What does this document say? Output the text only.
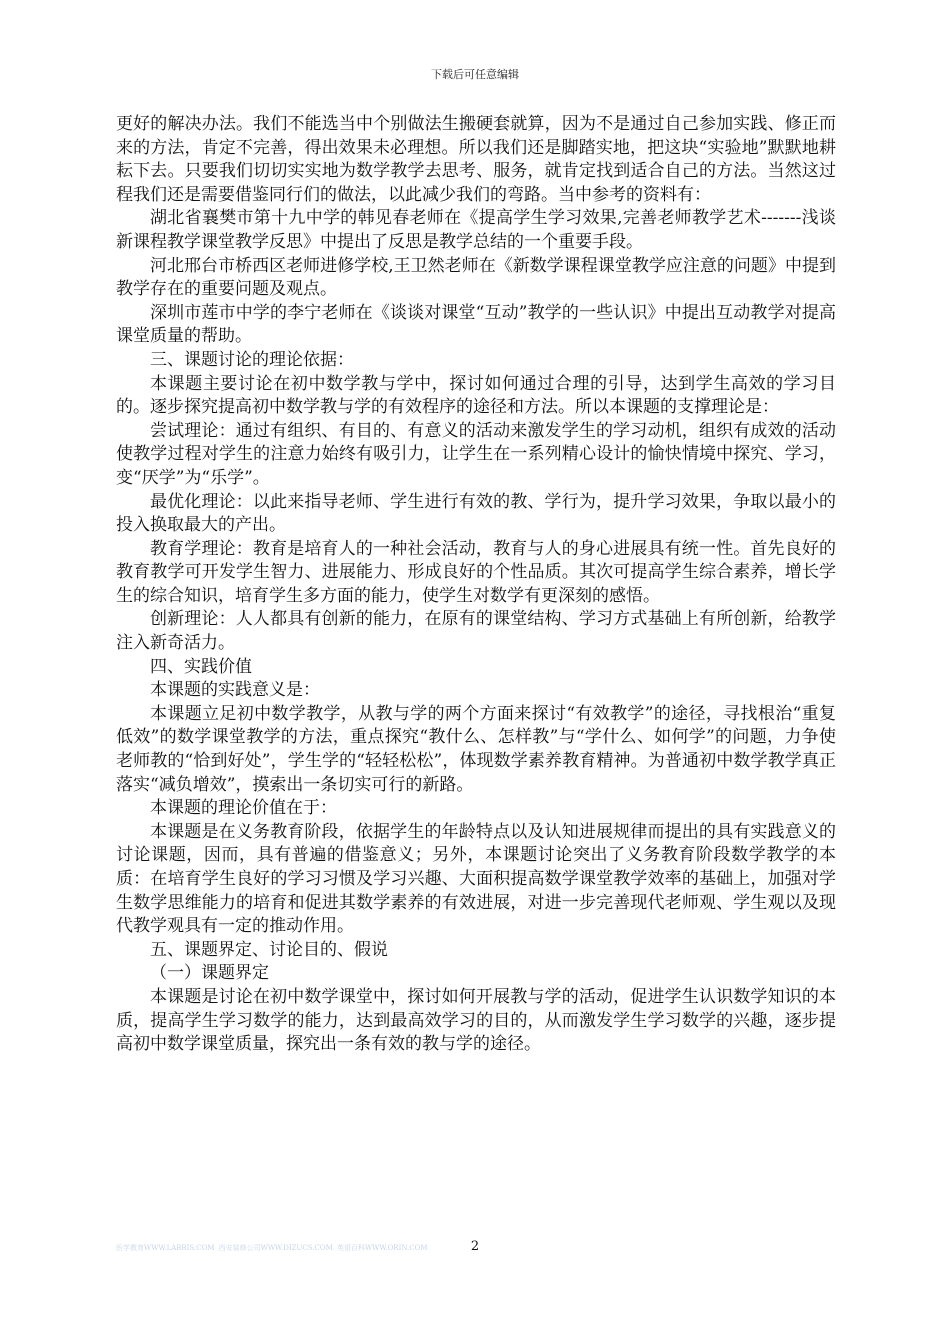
下载后可任意编辑

更好的解决办法。我们不能选当中个别做法生搬硬套就算，因为不是通过自己参加实践、修正而来的方法，肯定不完善，得出效果未必理想。所以我们还是脚踏实地，把这块“实验地”默默地耕耘下去。只要我们切切实实地为数学教学去思考、服务，就肯定找到适合自己的方法。当然这过程我们还是需要借鉴同行们的做法，以此减少我们的弯路。当中参考的资料有：

湖北省襄樊市第十九中学的韩见春老师在《提高学生学习效果,完善老师教学艺术-------浅谈新课程教学课堂教学反思》中提出了反思是教学总结的一个重要手段。

河北邢台市桥西区老师进修学校,王卫然老师在《新数学课程课堂教学应注意的问题》中提到教学存在的重要问题及观点。

深圳市莲市中学的李宁老师在《谈谈对课堂“互动”教学的一些认识》中提出互动教学对提高课堂质量的帮助。

三、课题讨论的理论依据：

本课题主要讨论在初中数学教与学中，探讨如何通过合理的引导，达到学生高效的学习目的。逐步探究提高初中数学教与学的有效程序的途径和方法。所以本课题的支撑理论是：

尝试理论：通过有组织、有目的、有意义的活动来激发学生的学习动机，组织有成效的活动使教学过程对学生的注意力始终有吸引力，让学生在一系列精心设计的愉快情境中探究、学习，变“厌学”为“乐学”。

最优化理论：以此来指导老师、学生进行有效的教、学行为，提升学习效果，争取以最小的投入换取最大的产出。

教育学理论：教育是培育人的一种社会活动，教育与人的身心进展具有统一性。首先良好的教育教学可开发学生智力、进展能力、形成良好的个性品质。其次可提高学生综合素养，增长学生的综合知识，培育学生多方面的能力，使学生对数学有更深刻的感悟。

创新理论：人人都具有创新的能力，在原有的课堂结构、学习方式基础上有所创新，给教学注入新奇活力。

四、实践价值

本课题的实践意义是：

本课题立足初中数学教学，从教与学的两个方面来探讨“有效教学”的途径，寻找根治“重复低效”的数学课堂教学的方法，重点探究“教什么、怎样教”与“学什么、如何学”的问题，力争使老师教的“恰到好处”，学生学的“轻轻松松”，体现数学素养教育精神。为普通初中数学教学真正落实“减负增效”，摸索出一条切实可行的新路。

本课题的理论价值在于：

本课题是在义务教育阶段，依据学生的年龄特点以及认知进展规律而提出的具有实践意义的讨论课题，因而，具有普遍的借鉴意义；另外，本课题讨论突出了义务教育阶段数学教学的本质：在培育学生良好的学习习惯及学习兴趣、大面积提高数学课堂教学效率的基础上，加强对学生数学思维能力的培育和促进其数学素养的有效进展，对进一步完善现代老师观、学生观以及现代教学观具有一定的推动作用。

五、课题界定、讨论目的、假说

（一）课题界定

本课题是讨论在初中数学课堂中，探讨如何开展教与学的活动，促进学生认识数学知识的本质，提高学生学习数学的能力，达到最高效学习的目的，从而激发学生学习数学的兴趣，逐步提高初中数学课堂质量，探究出一条有效的教与学的途径。

医学教育WWW.LABBIS.COM 西安装修公司WWW.DIZUCS.COM 英语百科WWW.ORIN.COM	2
